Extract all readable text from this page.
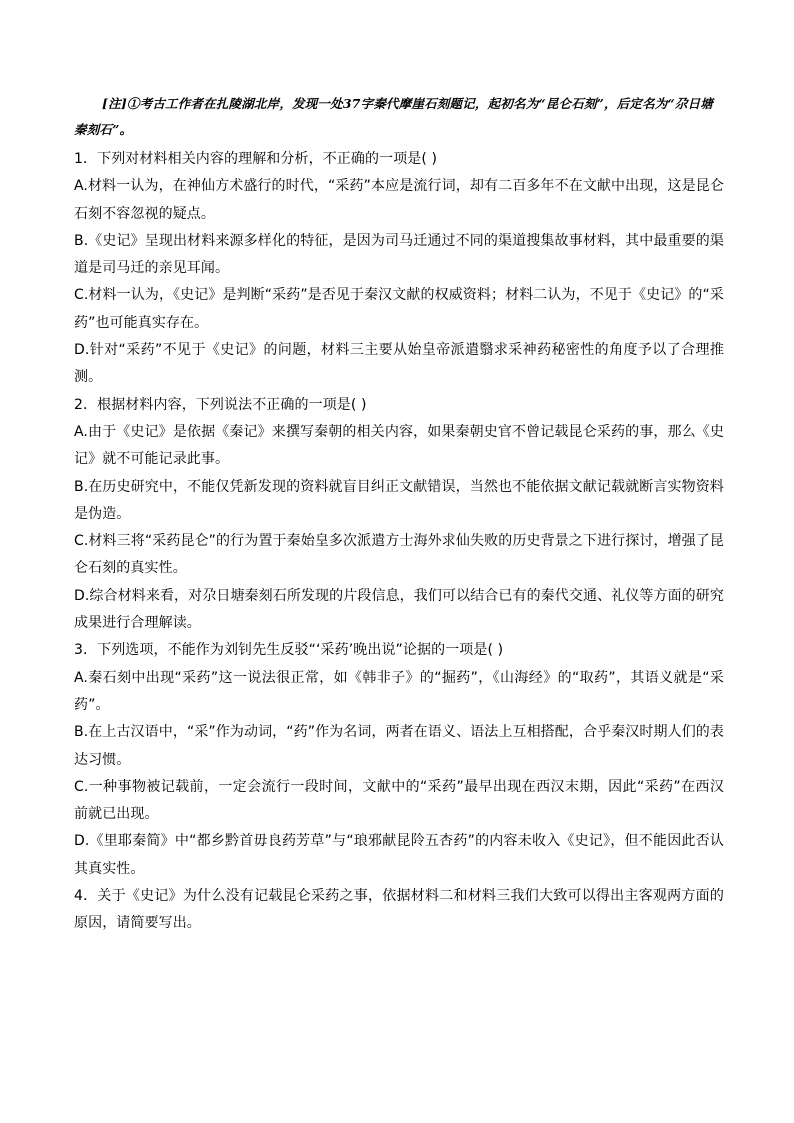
[注]①考古工作者在扎陵湖北岸，发现一处37字秦代摩崖石刻题记，起初名为“昆仑石刻”，后定名为“尕日塘秦刻石”。

1．下列对材料相关内容的理解和分析，不正确的一项是( )

A.材料一认为，在神仙方术盛行的时代，“采药”本应是流行词，却有二百多年不在文献中出现，这是昆仑石刻不容忽视的疑点。

B.《史记》呈现出材料来源多样化的特征，是因为司马迁通过不同的渠道搜集故事材料，其中最重要的渠道是司马迁的亲见耳闻。

C.材料一认为，《史记》是判断“采药”是否见于秦汉文献的权威资料；材料二认为，不见于《史记》的“采药”也可能真实存在。

D.针对“采药”不见于《史记》的问题，材料三主要从始皇帝派遣翳求采神药秘密性的角度予以了合理推测。

2．根据材料内容，下列说法不正确的一项是( )

A.由于《史记》是依据《秦记》来撰写秦朝的相关内容，如果秦朝史官不曾记载昆仑采药的事，那么《史记》就不可能记录此事。

B.在历史研究中，不能仅凭新发现的资料就盲目纠正文献错误，当然也不能依据文献记载就断言实物资料是伪造。

C.材料三将“采药昆仑”的行为置于秦始皇多次派遣方士海外求仙失败的历史背景之下进行探讨，增强了昆仑石刻的真实性。

D.综合材料来看，对尕日塘秦刻石所发现的片段信息，我们可以结合已有的秦代交通、礼仪等方面的研究成果进行合理解读。

3．下列选项，不能作为刘钊先生反驳“‘采药’晚出说”论据的一项是( )

A.秦石刻中出现“采药”这一说法很正常，如《韩非子》的“掘药”，《山海经》的“取药”，其语义就是“采药”。

B.在上古汉语中，“采”作为动词，“药”作为名词，两者在语义、语法上互相搭配，合乎秦汉时期人们的表达习惯。

C.一种事物被记载前，一定会流行一段时间，文献中的“采药”最早出现在西汉末期，因此“采药”在西汉前就已出现。

D.《里耶秦简》中“都乡黔首毋良药芳草”与“琅邪献昆阾五杏药”的内容未收入《史记》，但不能因此否认其真实性。

4．关于《史记》为什么没有记载昆仑采药之事，依据材料二和材料三我们大致可以得出主客观两方面的原因，请简要写出。
